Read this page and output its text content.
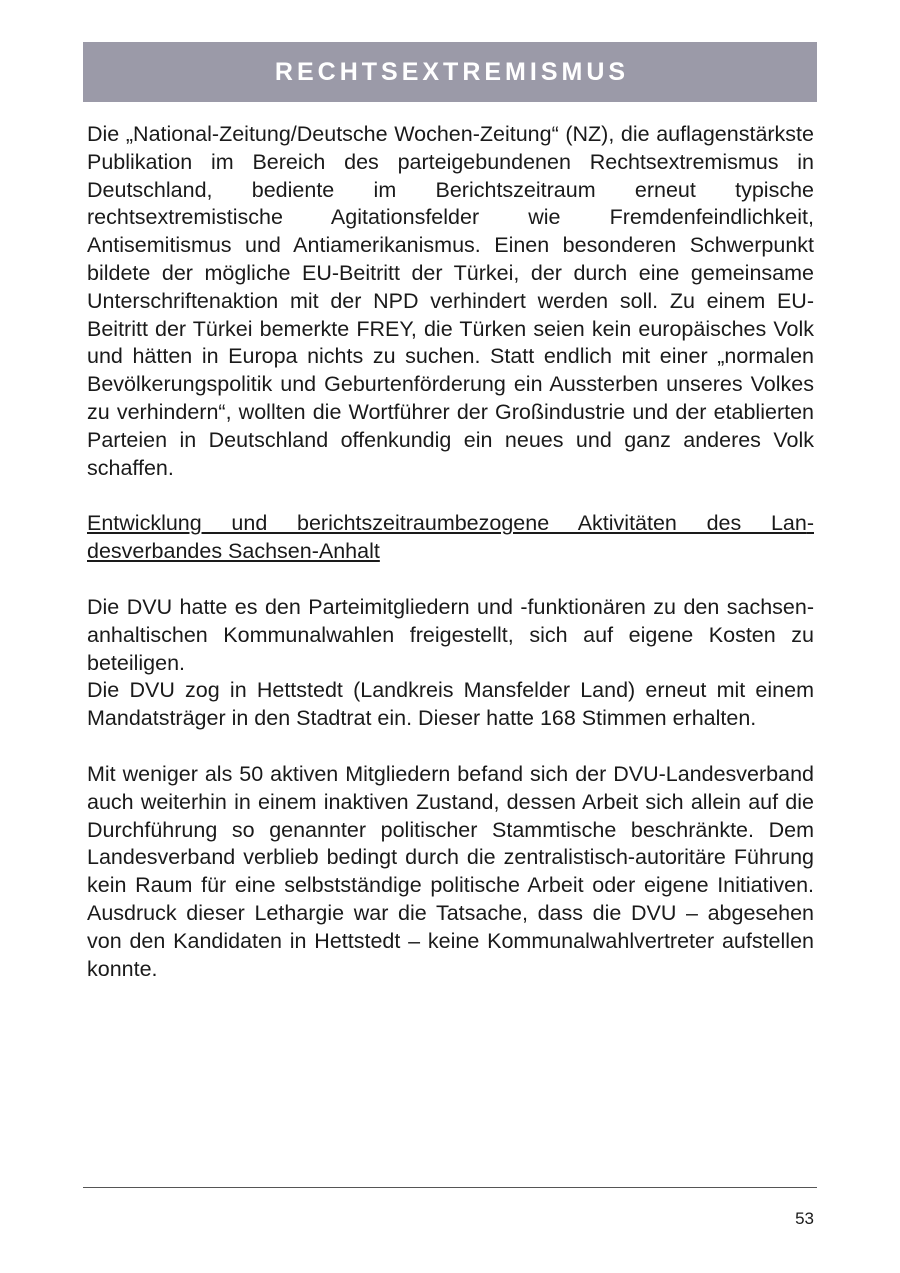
RECHTSEXTREMISMUS

Die „National-Zeitung/Deutsche Wochen-Zeitung“ (NZ), die auflagenstärkste Publikation im Bereich des parteigebundenen Rechtsextremismus in Deutschland, bediente im Berichtszeitraum erneut typische rechtsextremistische Agitationsfelder wie Fremdenfeindlichkeit, Antisemitismus und Antiamerikanismus. Einen besonderen Schwerpunkt bildete der mögliche EU-Beitritt der Türkei, der durch eine gemeinsame Unterschriftenaktion mit der NPD verhindert werden soll. Zu einem EU-Beitritt der Türkei bemerkte FREY, die Türken seien kein europäisches Volk und hätten in Europa nichts zu suchen. Statt endlich mit einer „normalen Bevölkerungspolitik und Geburtenförderung ein Aussterben unseres Volkes zu verhindern“, wollten die Wortführer der Großindustrie und der etablierten Parteien in Deutschland offenkundig ein neues und ganz anderes Volk schaffen.

Entwicklung und berichtszeitraumbezogene Aktivitäten des Landesverbandes Sachsen-Anhalt

Die DVU hatte es den Parteimitgliedern und -funktionären zu den sachsen-anhaltischen Kommunalwahlen freigestellt, sich auf eigene Kosten zu beteiligen.

Die DVU zog in Hettstedt (Landkreis Mansfelder Land) erneut mit einem Mandatsträger in den Stadtrat ein. Dieser hatte 168 Stimmen erhalten.

Mit weniger als 50 aktiven Mitgliedern befand sich der DVU-Landesverband auch weiterhin in einem inaktiven Zustand, dessen Arbeit sich allein auf die Durchführung so genannter politischer Stammtische beschränkte. Dem Landesverband verblieb bedingt durch die zentralistisch-autoritäre Führung kein Raum für eine selbstständige politische Arbeit oder eigene Initiativen. Ausdruck dieser Lethargie war die Tatsache, dass die DVU – abgesehen von den Kandidaten in Hettstedt – keine Kommunalwahlvertreter aufstellen konnte.

53
